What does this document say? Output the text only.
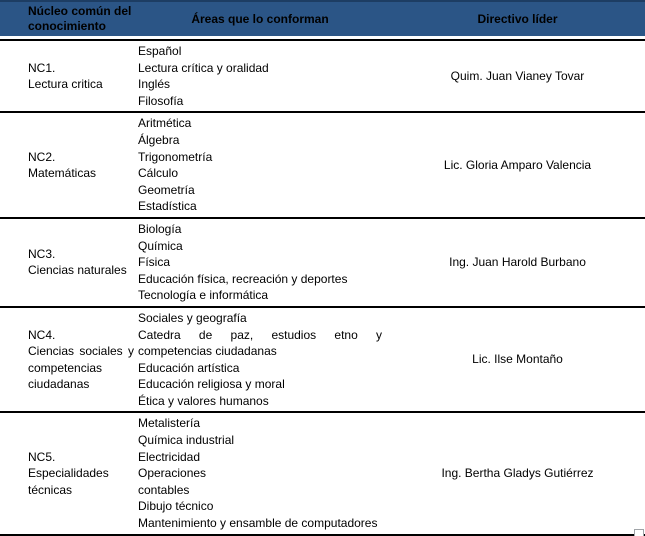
Núcleo común del conocimiento
Áreas que lo conforman	Directivo líder
NC1.
Lectura critica
Español
Lectura crítica y oralidad
Inglés
Filosofía
Quim. Juan Vianey Tovar
NC2.
Matemáticas
Aritmética
Álgebra
Trigonometría
Cálculo
Geometría
Estadística
Lic. Gloria Amparo Valencia
NC3.
Ciencias naturales
Biología
Química
Física
Educación física, recreación y deportes
Tecnología e informática
Ing. Juan Harold Burbano
NC4.
Ciencias sociales y competencias ciudadanas
Sociales y geografía
Catedra de paz, estudios etno y competencias ciudadanas
Educación artística
Educación religiosa y moral
Ética y valores humanos
Lic. Ilse Montaño
NC5.
Especialidades técnicas
Metalistería
Química industrial
Electricidad
Operaciones
contables
Dibujo técnico
Mantenimiento y ensamble de computadores
Ing. Bertha Gladys Gutiérrez
